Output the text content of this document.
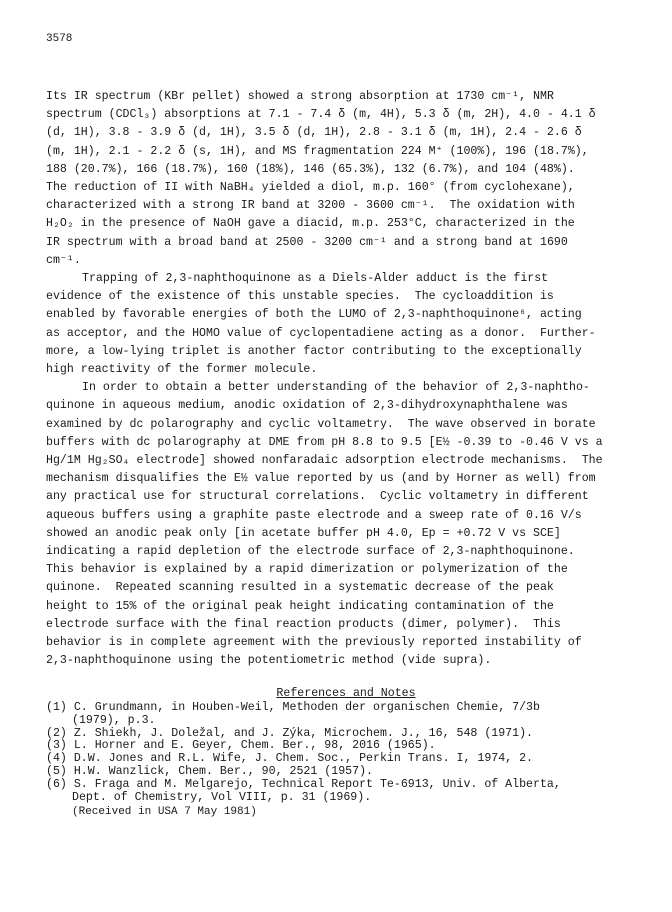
3578
Its IR spectrum (KBr pellet) showed a strong absorption at 1730 cm⁻¹, NMR
spectrum (CDCl₃) absorptions at 7.1 - 7.4 δ (m, 4H), 5.3 δ (m, 2H), 4.0 - 4.1 δ
(d, 1H), 3.8 - 3.9 δ (d, 1H), 3.5 δ (d, 1H), 2.8 - 3.1 δ (m, 1H), 2.4 - 2.6 δ
(m, 1H), 2.1 - 2.2 δ (s, 1H), and MS fragmentation 224 M⁺ (100%), 196 (18.7%),
188 (20.7%), 166 (18.7%), 160 (18%), 146 (65.3%), 132 (6.7%), and 104 (48%).
The reduction of II with NaBH₄ yielded a diol, m.p. 160° (from cyclohexane),
characterized with a strong IR band at 3200 - 3600 cm⁻¹.  The oxidation with
H₂O₂ in the presence of NaOH gave a diacid, m.p. 253°C, characterized in the
IR spectrum with a broad band at 2500 - 3200 cm⁻¹ and a strong band at 1690
cm⁻¹.
Trapping of 2,3-naphthoquinone as a Diels-Alder adduct is the first
evidence of the existence of this unstable species.  The cycloaddition is
enabled by favorable energies of both the LUMO of 2,3-naphthoquinone⁶, acting
as acceptor, and the HOMO value of cyclopentadiene acting as a donor.  Further-
more, a low-lying triplet is another factor contributing to the exceptionally
high reactivity of the former molecule.
In order to obtain a better understanding of the behavior of 2,3-naphtho-
quinone in aqueous medium, anodic oxidation of 2,3-dihydroxynaphthalene was
examined by dc polarography and cyclic voltametry.  The wave observed in borate
buffers with dc polarography at DME from pH 8.8 to 9.5 [E½ -0.39 to -0.46 V vs a
Hg/1M Hg₂SO₄ electrode] showed nonfaradaic adsorption electrode mechanisms.  The
mechanism disqualifies the E½ value reported by us (and by Horner as well) from
any practical use for structural correlations.  Cyclic voltametry in different
aqueous buffers using a graphite paste electrode and a sweep rate of 0.16 V/s
showed an anodic peak only [in acetate buffer pH 4.0, Ep = +0.72 V vs SCE]
indicating a rapid depletion of the electrode surface of 2,3-naphthoquinone.
This behavior is explained by a rapid dimerization or polymerization of the
quinone.  Repeated scanning resulted in a systematic decrease of the peak
height to 15% of the original peak height indicating contamination of the
electrode surface with the final reaction products (dimer, polymer).  This
behavior is in complete agreement with the previously reported instability of
2,3-naphthoquinone using the potentiometric method (vide supra).
References and Notes
(1) C. Grundmann, in Houben-Weil, Methoden der organischen Chemie, 7/3b
(1979), p.3.
(2) Z. Shiekh, J. Doležal, and J. Zýka, Microchem. J., 16, 548 (1971).
(3) L. Horner and E. Geyer, Chem. Ber., 98, 2016 (1965).
(4) D.W. Jones and R.L. Wife, J. Chem. Soc., Perkin Trans. I, 1974, 2.
(5) H.W. Wanzlick, Chem. Ber., 90, 2521 (1957).
(6) S. Fraga and M. Melgarejo, Technical Report Te-6913, Univ. of Alberta,
Dept. of Chemistry, Vol VIII, p. 31 (1969).
(Received in USA 7 May 1981)
